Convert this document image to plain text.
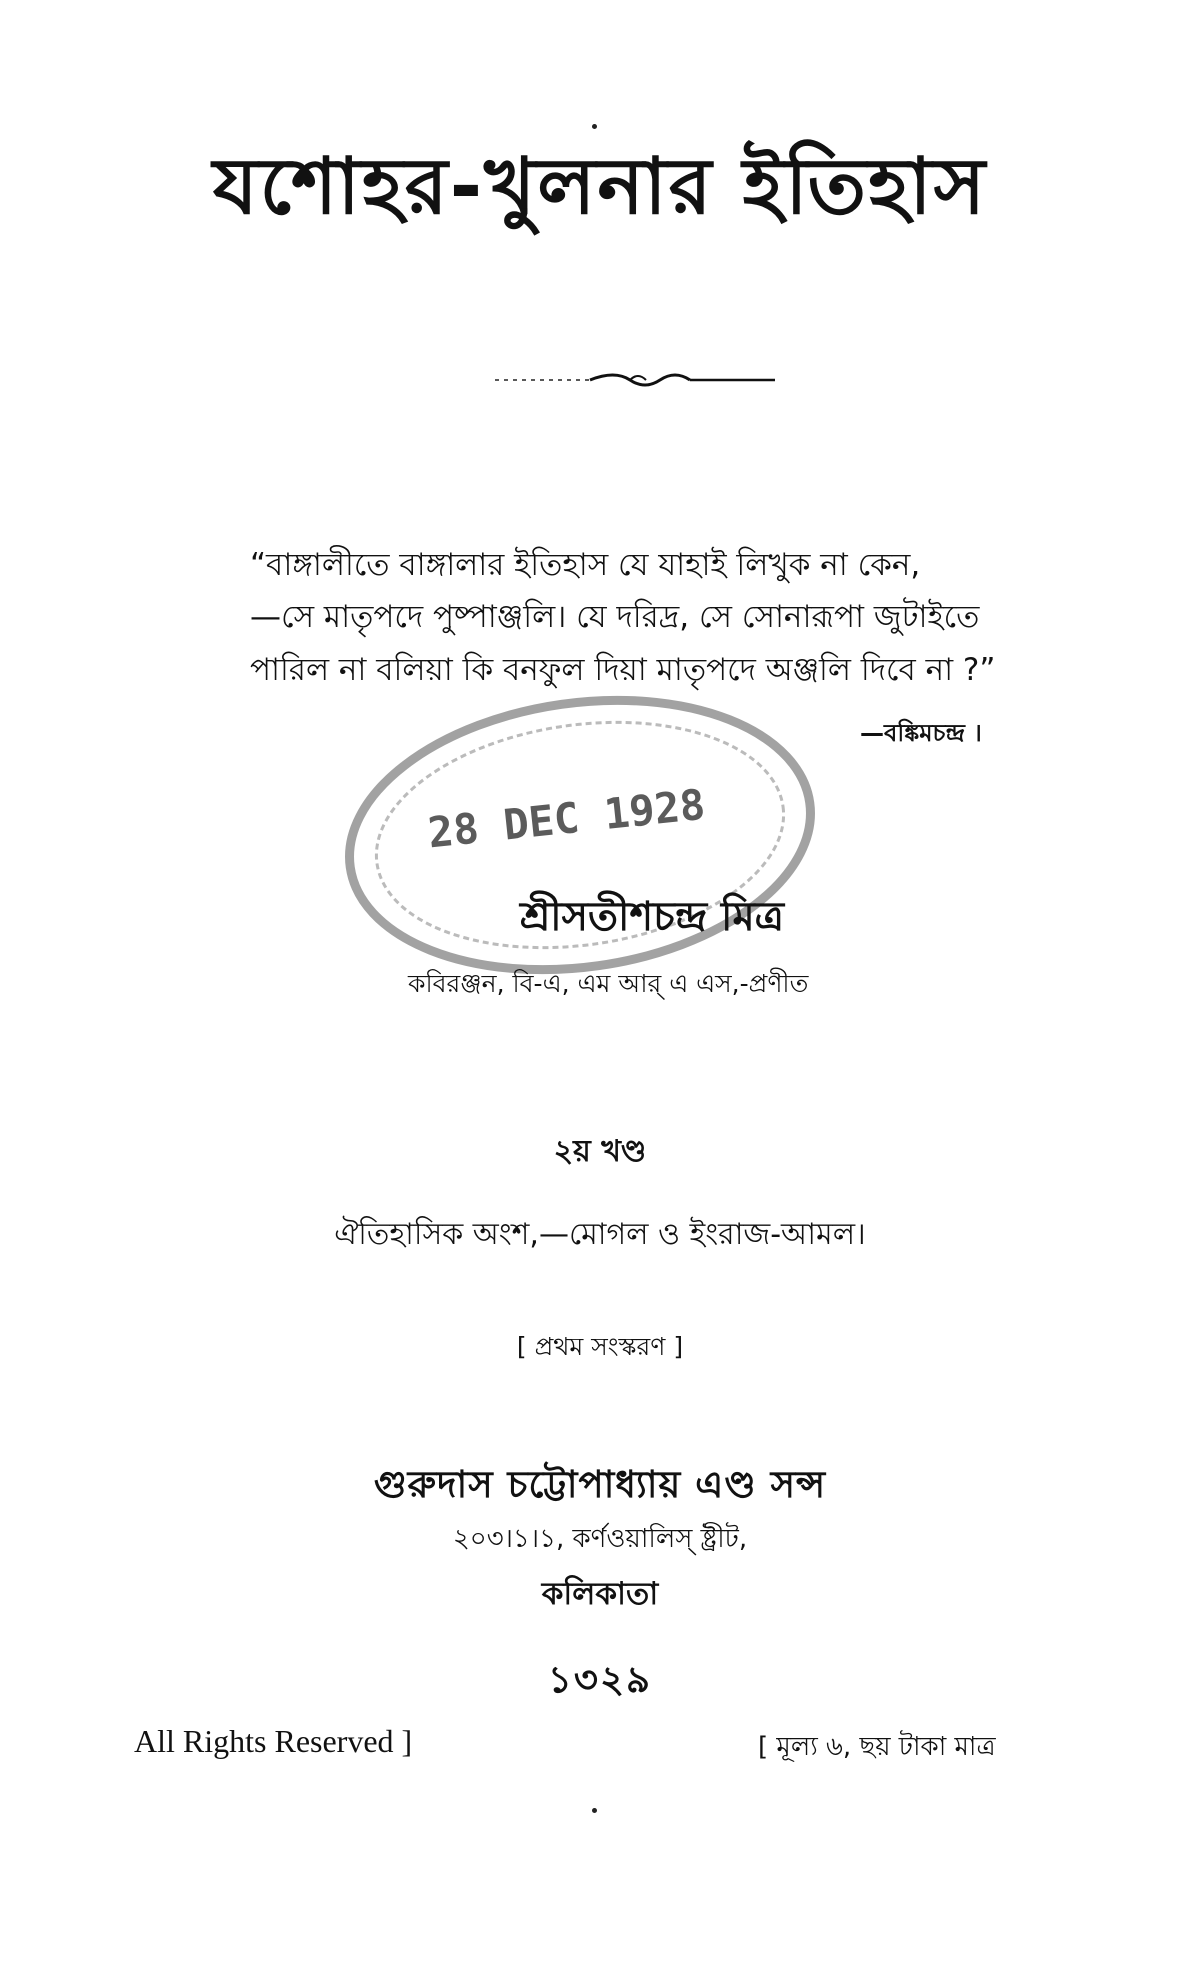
যশোহর-খুলনার ইতিহাস
“বাঙ্গালীতে বাঙ্গালার ইতিহাস যে যাহাই লিখুক না কেন,
—সে মাতৃপদে পুষ্পাঞ্জলি। যে দরিদ্র, সে সোনারূপা জুটাইতে
পারিল না বলিয়া কি বনফুল দিয়া মাতৃপদে অঞ্জলি দিবে না ?”
—বঙ্কিমচন্দ্র ।
28 DEC 1928
শ্রীসতীশচন্দ্র মিত্র
কবিরঞ্জন, বি-এ, এম আর্ এ এস,-প্রণীত
২য় খণ্ড
ঐতিহাসিক অংশ,—মোগল ও ইংরাজ-আমল।
[ প্রথম সংস্করণ ]
গুরুদাস চট্টোপাধ্যায় এণ্ড সন্স
২০৩।১।১, কর্ণওয়ালিস্ ষ্ট্রীট,
কলিকাতা
১৩২৯
All Rights Reserved ]	[ মূল্য ৬, ছয় টাকা মাত্র
